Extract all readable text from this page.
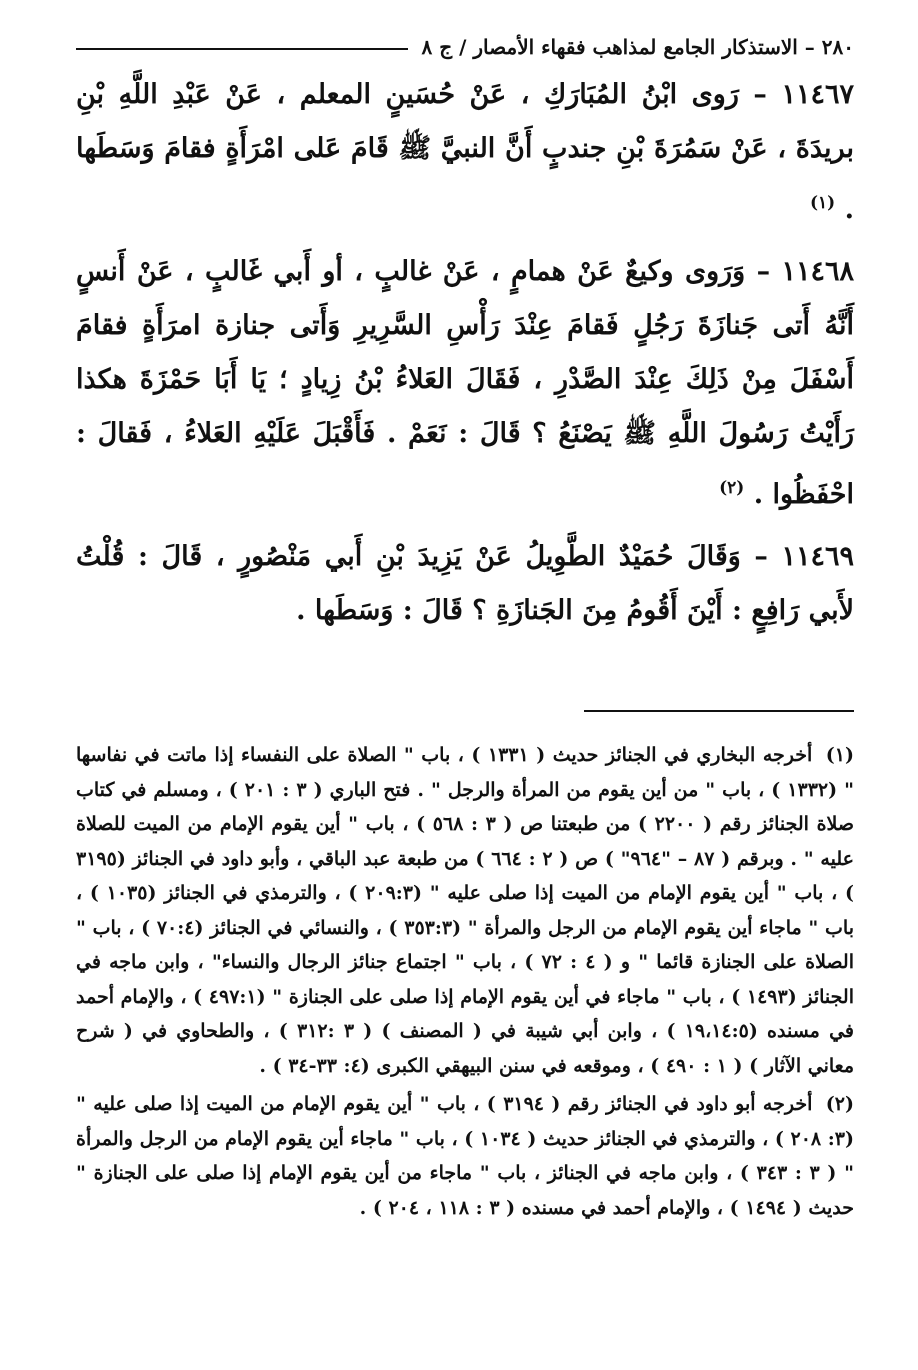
٢٨٠ – الاستذكار الجامع لمذاهب فقهاء الأمصار / ج ٨

١١٤٦٧ – رَوى ابْنُ المُبَارَكِ ، عَنْ حُسَينٍ المعلم ، عَنْ عَبْدِ اللَّهِ بْنِ بريدَةَ ، عَنْ سَمُرَةَ بْنِ جندبٍ أَنَّ النبيَّ ﷺ قَامَ عَلى امْرَأَةٍ فقامَ وَسَطَها . $^{(١)}$

١١٤٦٨ – وَرَوى وكيعٌ عَنْ همامٍ ، عَنْ غالبٍ ، أو أَبي غَالبٍ ، عَنْ أَنسٍ أَنَّهُ أَتى جَنازَةَ رَجُلٍ فَقامَ عِنْدَ رَأْسِ السَّرِيرِ وَأَتى جنازة امرَأَةٍ فقامَ أَسْفَلَ مِنْ ذَلِكَ عِنْدَ الصَّدْرِ ، فَقَالَ العَلاءُ بْنُ زِيادٍ ؛ يَا أَبَا حَمْزَةَ هكذا رَأَيْتُ رَسُولَ اللَّهِ ﷺ يَصْنَعُ ؟ قَالَ : نَعَمْ . فَأَقْبَلَ عَلَيْهِ العَلاءُ ، فَقالَ : احْفَظُوا . $^{(٢)}$

١١٤٦٩ – وَقَالَ حُمَيْدٌ الطَّوِيلُ عَنْ يَزِيدَ بْنِ أَبي مَنْصُورٍ ، قَالَ : قُلْتُ لأَبي رَافِعٍ : أَيْنَ أَقُومُ مِنَ الجَنازَةِ ؟ قَالَ : وَسَطَها .

(١) أخرجه البخاري في الجنائز حديث ( ١٣٣١ ) ، باب " الصلاة على النفساء إذا ماتت في نفاسها " (١٣٣٢ ) ، باب " من أين يقوم من المرأة والرجل " . فتح الباري ( ٣ : ٢٠١ ) ، ومسلم في كتاب صلاة الجنائز رقم ( ٢٢٠٠ ) من طبعتنا ص ( ٣ : ٥٦٨ ) ، باب " أين يقوم الإمام من الميت للصلاة عليه " . وبرقم ( ٨٧ – "٩٦٤" ) ص ( ٢ : ٦٦٤ ) من طبعة عبد الباقي ، وأبو داود في الجنائز (٣١٩٥ ) ، باب " أين يقوم الإمام من الميت إذا صلى عليه " (٢٠٩:٣ ) ، والترمذي في الجنائز (١٠٣٥ ) ، باب " ماجاء أين يقوم الإمام من الرجل والمرأة " (٣٥٣:٣ ) ، والنسائي في الجنائز (٧٠:٤ ) ، باب " الصلاة على الجنازة قائما " و ( ٤ : ٧٢ ) ، باب " اجتماع جنائز الرجال والنساء" ، وابن ماجه في الجنائز (١٤٩٣ ) ، باب " ماجاء في أين يقوم الإمام إذا صلى على الجنازة " (٤٩٧:١ ) ، والإمام أحمد في مسنده (١٩،١٤:٥ ) ، وابن أبي شيبة في ( المصنف ) ( ٣ :٣١٢ ) ، والطحاوي في ( شرح معاني الآثار ) ( ١ : ٤٩٠ ) ، وموقعه في سنن البيهقي الكبرى (٤: ٣٣-٣٤ ) .

(٢) أخرجه أبو داود في الجنائز رقم ( ٣١٩٤ ) ، باب " أين يقوم الإمام من الميت إذا صلى عليه " (٣: ٢٠٨ ) ، والترمذي في الجنائز حديث ( ١٠٣٤ ) ، باب " ماجاء أين يقوم الإمام من الرجل والمرأة " ( ٣ : ٣٤٣ ) ، وابن ماجه في الجنائز ، باب " ماجاء من أين يقوم الإمام إذا صلى على الجنازة " حديث ( ١٤٩٤ ) ، والإمام أحمد في مسنده ( ٣ : ١١٨ ، ٢٠٤ ) .
